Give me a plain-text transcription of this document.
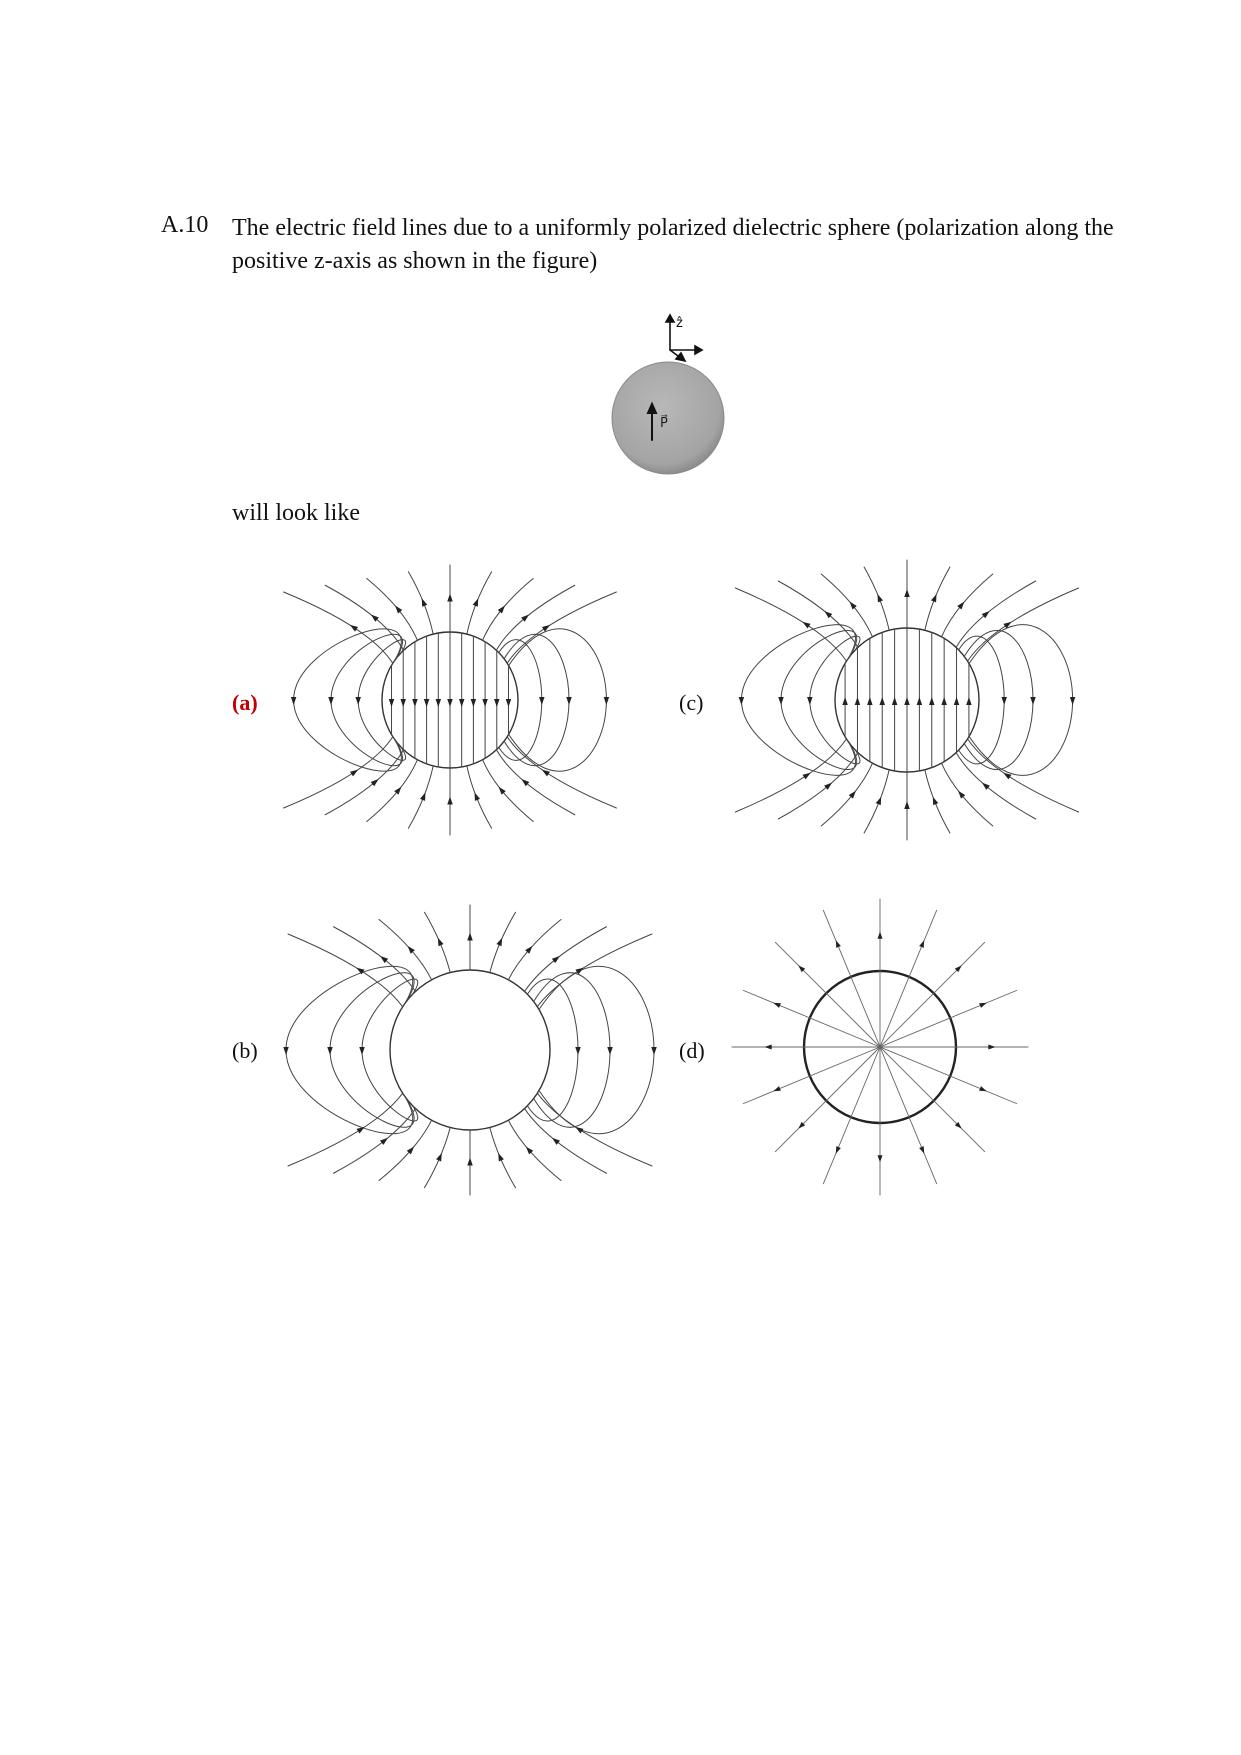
A.10 The electric field lines due to a uniformly polarized dielectric sphere (polarization along the positive z-axis as shown in the figure)
ẑ
P⃗
will look like
(a)	(c)
(b)	(d)
